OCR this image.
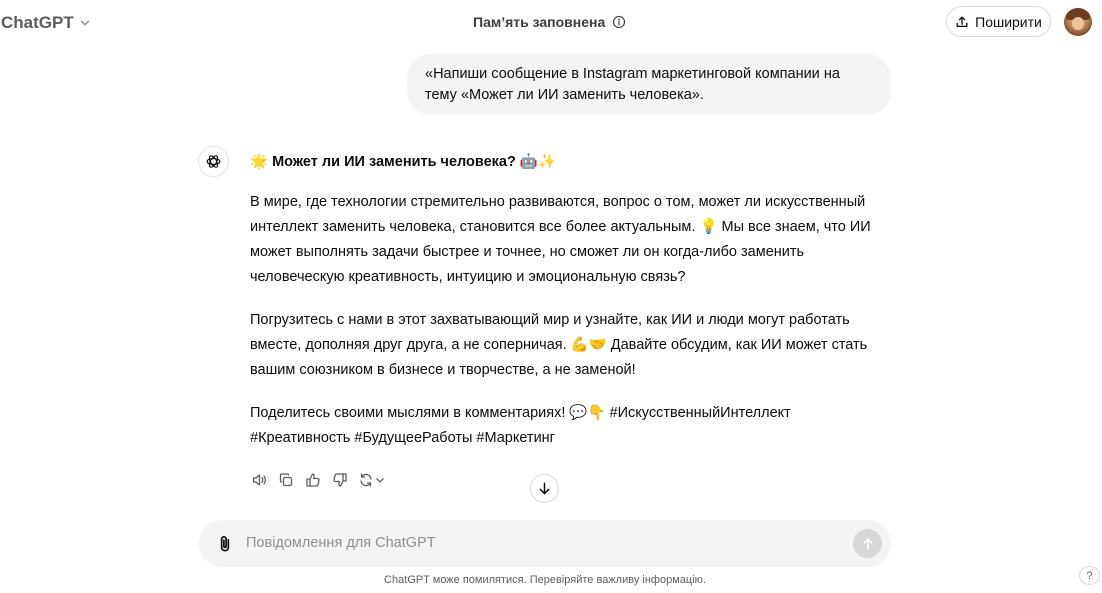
ChatGPT	Пам’ять заповнена	Поширити
«Напиши сообщение в Instagram маркетинговой компании на тему «Может ли ИИ заменить человека».
🌟 Может ли ИИ заменить человека? 🤖✨

В мире, где технологии стремительно развиваются, вопрос о том, может ли искусственный интеллект заменить человека, становится все более актуальным. 💡 Мы все знаем, что ИИ может выполнять задачи быстрее и точнее, но сможет ли он когда-либо заменить человеческую креативность, интуицию и эмоциональную связь?

Погрузитесь с нами в этот захватывающий мир и узнайте, как ИИ и люди могут работать вместе, дополняя друг друга, а не соперничая. 💪🤝 Давайте обсудим, как ИИ может стать вашим союзником в бизнесе и творчестве, а не заменой!

Поделитесь своими мыслями в комментариях! 💬👇 #ИскусственныйИнтеллект #Креативность #БудущееРаботы #Маркетинг

Повідомлення для ChatGPT
ChatGPT може помилятися. Перевіряйте важливу інформацію.	?
